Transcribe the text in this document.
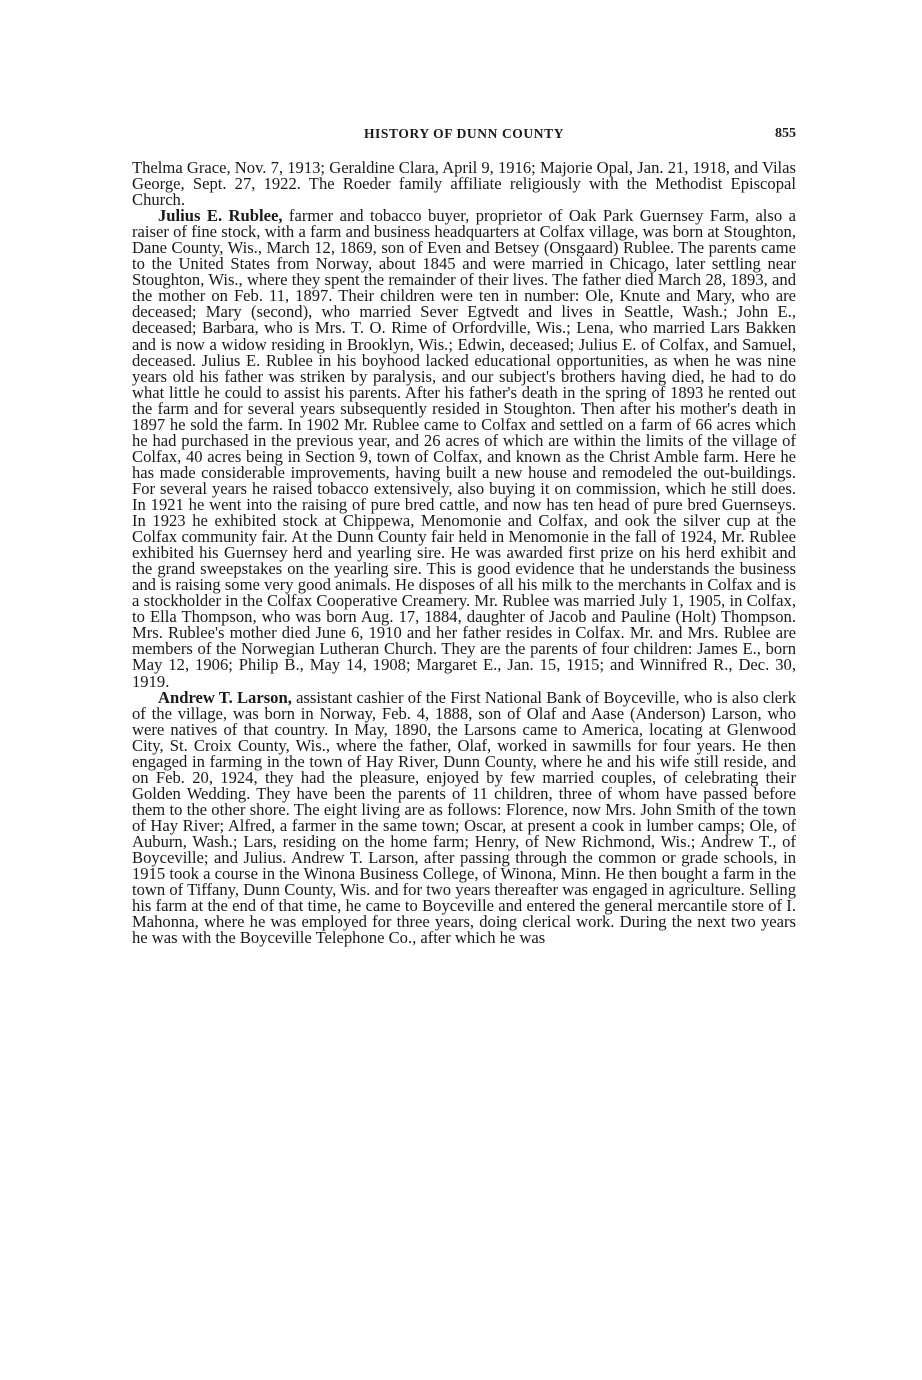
HISTORY OF DUNN COUNTY	855

Thelma Grace, Nov. 7, 1913; Geraldine Clara, April 9, 1916; Majorie Opal, Jan. 21, 1918, and Vilas George, Sept. 27, 1922. The Roeder family affiliate religiously with the Methodist Episcopal Church.

Julius E. Rublee, farmer and tobacco buyer, proprietor of Oak Park Guernsey Farm, also a raiser of fine stock, with a farm and business headquarters at Colfax village, was born at Stoughton, Dane County, Wis., March 12, 1869, son of Even and Betsey (Onsgaard) Rublee. The parents came to the United States from Norway, about 1845 and were married in Chicago, later settling near Stoughton, Wis., where they spent the remainder of their lives. The father died March 28, 1893, and the mother on Feb. 11, 1897. Their children were ten in number: Ole, Knute and Mary, who are deceased; Mary (second), who married Sever Egtvedt and lives in Seattle, Wash.; John E., deceased; Barbara, who is Mrs. T. O. Rime of Orfordville, Wis.; Lena, who married Lars Bakken and is now a widow residing in Brooklyn, Wis.; Edwin, deceased; Julius E. of Colfax, and Samuel, deceased. Julius E. Rublee in his boyhood lacked educational opportunities, as when he was nine years old his father was striken by paralysis, and our subject's brothers having died, he had to do what little he could to assist his parents. After his father's death in the spring of 1893 he rented out the farm and for several years subsequently resided in Stoughton. Then after his mother's death in 1897 he sold the farm. In 1902 Mr. Rublee came to Colfax and settled on a farm of 66 acres which he had purchased in the previous year, and 26 acres of which are within the limits of the village of Colfax, 40 acres being in Section 9, town of Colfax, and known as the Christ Amble farm. Here he has made considerable improvements, having built a new house and remodeled the out-buildings. For several years he raised tobacco extensively, also buying it on commission, which he still does. In 1921 he went into the raising of pure bred cattle, and now has ten head of pure bred Guernseys. In 1923 he exhibited stock at Chippewa, Menomonie and Colfax, and ook the silver cup at the Colfax community fair. At the Dunn County fair held in Menomonie in the fall of 1924, Mr. Rublee exhibited his Guernsey herd and yearling sire. He was awarded first prize on his herd exhibit and the grand sweepstakes on the yearling sire. This is good evidence that he understands the business and is raising some very good animals. He disposes of all his milk to the merchants in Colfax and is a stockholder in the Colfax Cooperative Creamery. Mr. Rublee was married July 1, 1905, in Colfax, to Ella Thompson, who was born Aug. 17, 1884, daughter of Jacob and Pauline (Holt) Thompson. Mrs. Rublee's mother died June 6, 1910 and her father resides in Colfax. Mr. and Mrs. Rublee are members of the Norwegian Lutheran Church. They are the parents of four children: James E., born May 12, 1906; Philip B., May 14, 1908; Margaret E., Jan. 15, 1915; and Winnifred R., Dec. 30, 1919.

Andrew T. Larson, assistant cashier of the First National Bank of Boyceville, who is also clerk of the village, was born in Norway, Feb. 4, 1888, son of Olaf and Aase (Anderson) Larson, who were natives of that country. In May, 1890, the Larsons came to America, locating at Glenwood City, St. Croix County, Wis., where the father, Olaf, worked in sawmills for four years. He then engaged in farming in the town of Hay River, Dunn County, where he and his wife still reside, and on Feb. 20, 1924, they had the pleasure, enjoyed by few married couples, of celebrating their Golden Wedding. They have been the parents of 11 children, three of whom have passed before them to the other shore. The eight living are as follows: Florence, now Mrs. John Smith of the town of Hay River; Alfred, a farmer in the same town; Oscar, at present a cook in lumber camps; Ole, of Auburn, Wash.; Lars, residing on the home farm; Henry, of New Richmond, Wis.; Andrew T., of Boyceville; and Julius. Andrew T. Larson, after passing through the common or grade schools, in 1915 took a course in the Winona Business College, of Winona, Minn. He then bought a farm in the town of Tiffany, Dunn County, Wis. and for two years thereafter was engaged in agriculture. Selling his farm at the end of that time, he came to Boyceville and entered the general mercantile store of I. Mahonna, where he was employed for three years, doing clerical work. During the next two years he was with the Boyceville Telephone Co., after which he was
